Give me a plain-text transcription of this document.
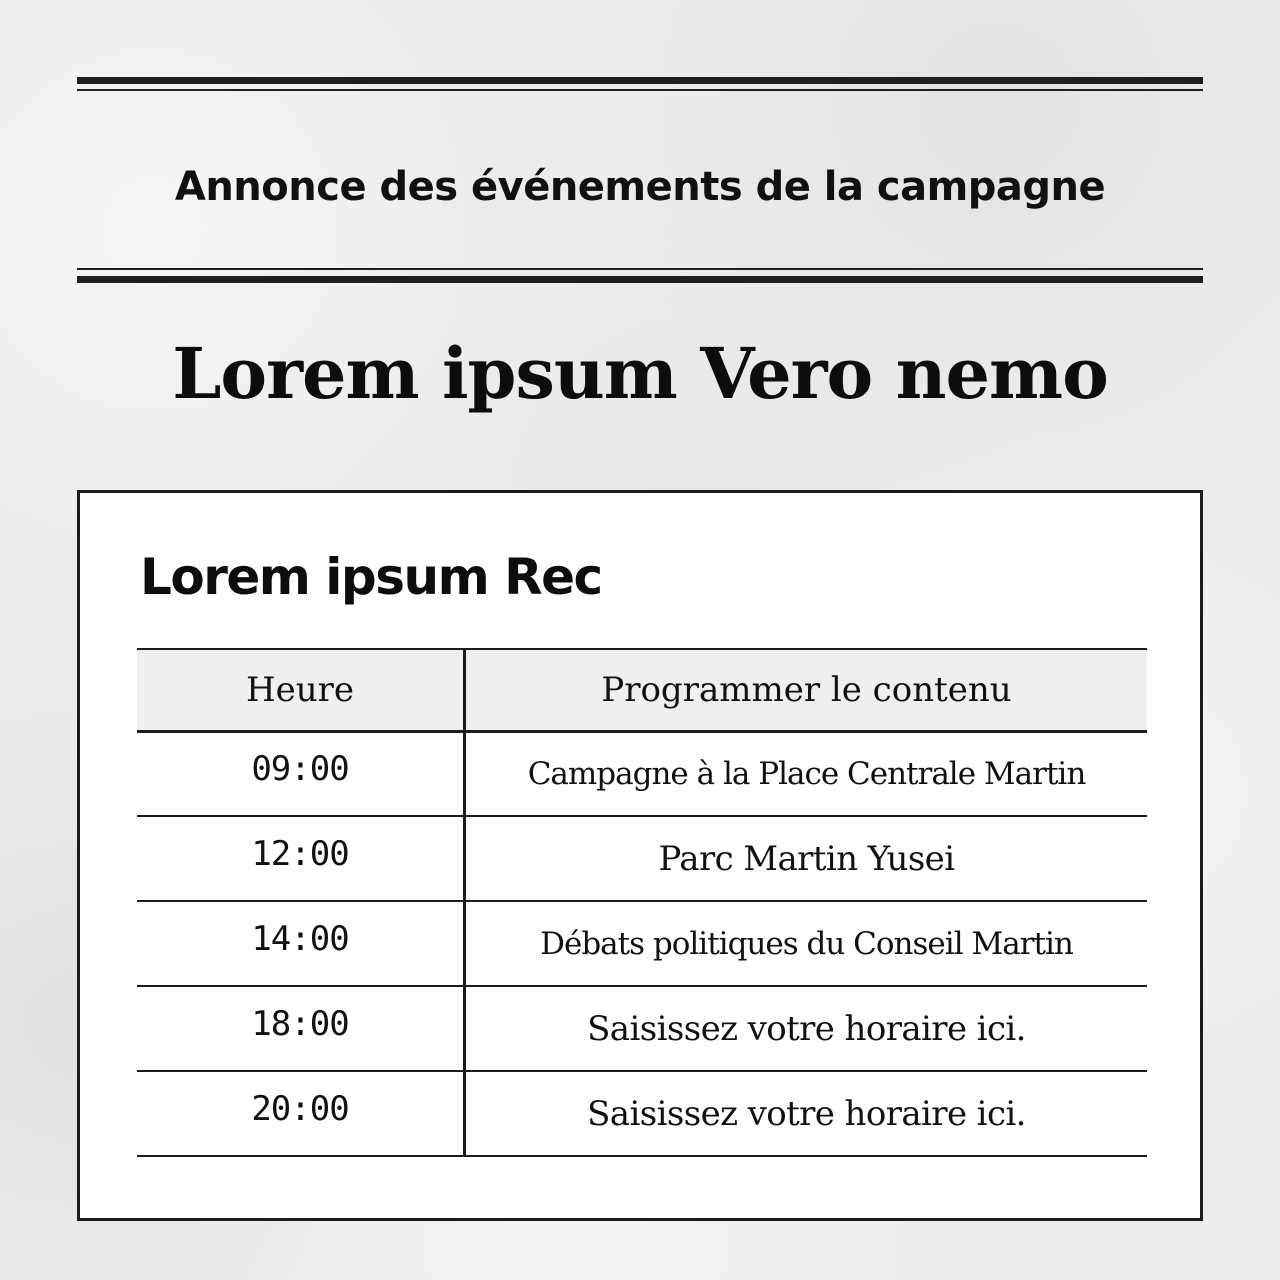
Annonce des événements de la campagne
Lorem ipsum Vero nemo
Lorem ipsum Rec
Heure	Programmer le contenu
09:00	Campagne à la Place Centrale Martin
12:00	Parc Martin Yusei
14:00	Débats politiques du Conseil Martin
18:00	Saisissez votre horaire ici.
20:00	Saisissez votre horaire ici.
